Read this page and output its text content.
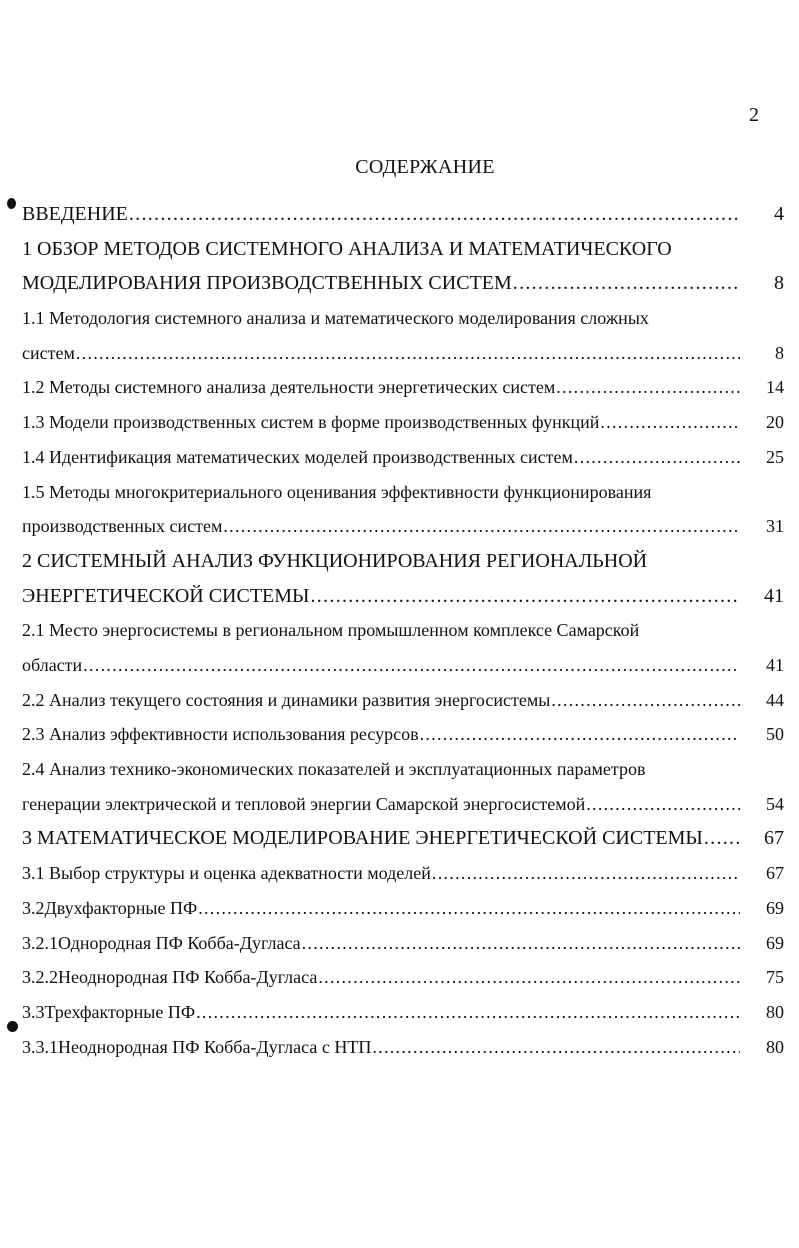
2
СОДЕРЖАНИЕ
ВВЕДЕНИЕ .....	4
1 ОБЗОР МЕТОДОВ СИСТЕМНОГО АНАЛИЗА И МАТЕМАТИЧЕСКОГО
МОДЕЛИРОВАНИЯ ПРОИЗВОДСТВЕННЫХ СИСТЕМ .....	8
1.1 Методология системного анализа и математического моделирования сложных
систем .....	8
1.2 Методы системного анализа деятельности энергетических систем .....	14
1.3 Модели производственных систем в форме производственных функций .....	20
1.4 Идентификация математических моделей производственных систем .....	25
1.5 Методы многокритериального оценивания эффективности функционирования
производственных систем .....	31
2 СИСТЕМНЫЙ АНАЛИЗ ФУНКЦИОНИРОВАНИЯ РЕГИОНАЛЬНОЙ
ЭНЕРГЕТИЧЕСКОЙ СИСТЕМЫ .....	41
2.1 Место энергосистемы в региональном промышленном комплексе Самарской
области .....	41
2.2 Анализ текущего состояния и динамики развития энергосистемы .....	44
2.3 Анализ эффективности использования ресурсов .....	50
2.4 Анализ технико-экономических показателей и эксплуатационных параметров
генерации электрической и тепловой энергии Самарской энергосистемой .....	54
3 МАТЕМАТИЧЕСКОЕ МОДЕЛИРОВАНИЕ ЭНЕРГЕТИЧЕСКОЙ СИСТЕМЫ .....	67
3.1 Выбор структуры и оценка адекватности моделей .....	67
3.2 Двухфакторные ПФ .....	69
3.2.1 Однородная ПФ Кобба-Дугласа .....	69
3.2.2 Неоднородная ПФ Кобба-Дугласа .....	75
3.3 Трехфакторные ПФ .....	80
3.3.1 Неоднородная ПФ Кобба-Дугласа с НТП .....	80
